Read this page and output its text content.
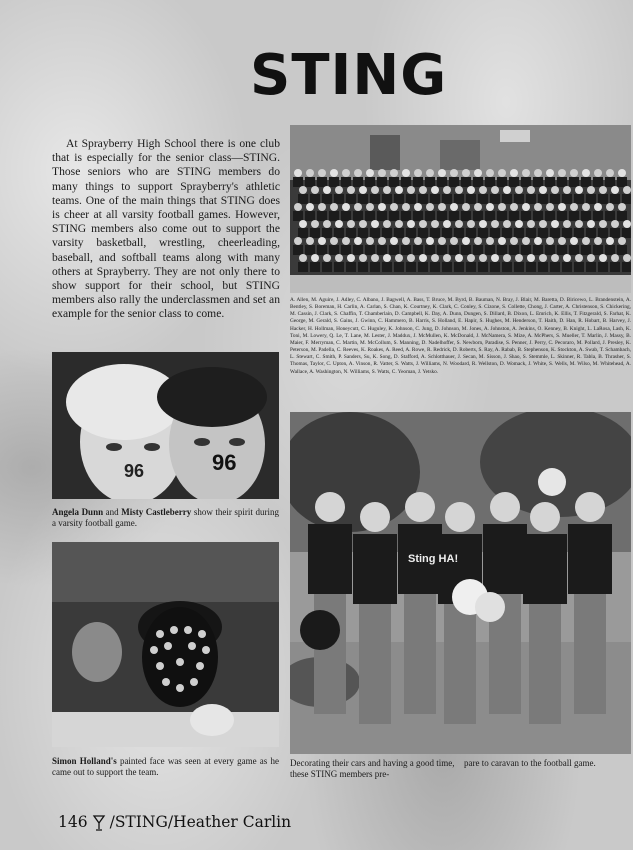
STING

At Sprayberry High School there is one club that is especially for the senior class—STING. Those seniors who are STING members do many things to support Sprayberry's athletic teams. One of the main things that STING does is cheer at all varsity football games. However, STING members also come out to support the varsity basketball, wrestling, cheerleading, baseball, and softball teams along with many others at Sprayberry. They are not only there to show support for their school, but STING members also rally the underclassmen and set an example for the senior class to come.

A. Allen, M. Aguire, J. Adley, C. Albano, J. Bagwell, A. Bass, T. Bruce, M. Byrd, B. Bauman, N. Bray, J. Blair, M. Baretta, D. Biricewo, L. Brandenstein, A. Bentley, S. Boreman, H. Carlin, A. Carlan, S. Chan, K. Courtney, K. Clark, C. Conley, S. Cizone, S. Collette, Chong, J. Carter, A. Christenson, S. Chickering, M. Cassin, J. Clark, S. Chaffin, T. Chamberlain, D. Campbell, K. Day, A. Dunn, Dungen, S. Dillard, B. Dixon, L. Emrich, K. Ellis, T. Fitzgerald, S. Farhat, K. George, M. Gerald, S. Gains, J. Gwinn, C. Hammero, B. Harris, S. Holland, E. Hapir, S. Hughes, M. Henderson, T. Haith, D. Han, R. Hobart, B. Harvey, J. Hacker, H. Hollman, Honeycutt, C. Huguley, K. Johnson, C. Jung, D. Johnson, M. Jones, A. Johnston, A. Jenkins, O. Kenney, B. Knight, L. LaRosa, Lash, K. Toni, M. Lowery, Q. Le, T. Lane, M. Lester, J. Maddux, J. McMullen, K. McDonald, J. McNamera, S. Mize, A. McPhers, S. Mueller, T. Marlin, J. Massy, B. Maier, F. Merryman, C. Martin, M. McCollum, S. Manning, D. Nadelhoffer, S. Newborn, Paradise, S. Penner, J. Perry, C. Pecoraro, M. Pollard, J. Presley, K. Peterson, M. Padella, C. Reeves, K. Roakes, A. Reed, A. Rowe, R. Redrick, D. Roberts, S. Ray, A. Rabab, B. Stephenson, K. Stockton, A. Swab, T. Schambach, L. Stewart, C. Smith, P. Sanders, Su, K. Song, D. Stafford, A. Schlotthauer, J. Secan, M. Sisson, J. Shao, S. Stemmle, L. Skinner, R. Tabla, B. Thrasher, S. Thomas, Taylor, C. Upton, A. Vinson, R. Vatter, S. Watts, J. Williams, N. Woodard, R. Wellston, D. Womack, J. White, S. Wells, M. Wilso, M. Whitehead, A. Wallace, A. Washington, N. Williams, S. Watts, C. Yeoman, J. Yetsko.

96	96

Angela Dunn and Misty Castleberry show their spirit during a varsity football game.

Simon Holland's painted face was seen at every game as he came out to support the team.

Sting HA!

Decorating their cars and having a good time, these STING members pre-
pare to caravan to the football game.

146 /STING/Heather Carlin
